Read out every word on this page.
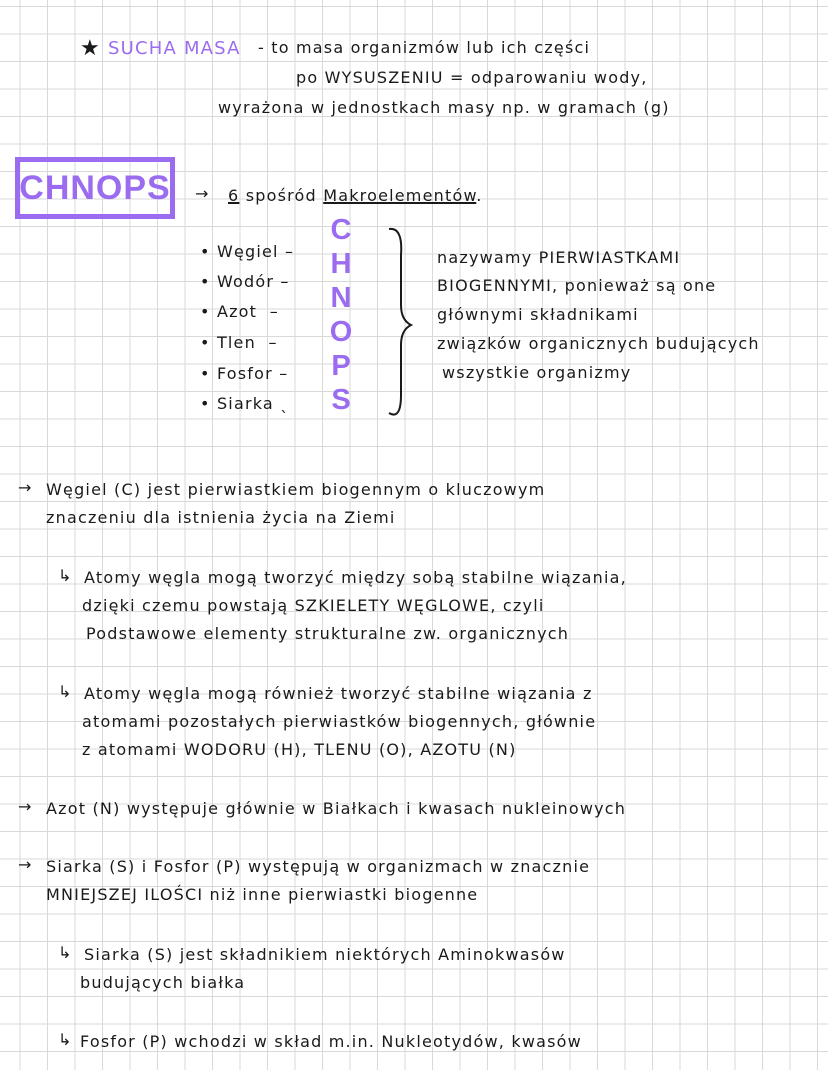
★ SUCHA MASA - to masa organizmów lub ich części
po WYSUSZENIU = odparowaniu wody,
wyrażona w jednostkach masy np. w gramach (g)
CHNOPS → 6 spośród Makroelementów.
• Węgiel –
• Wodór –
• Azot  –
• Tlen  –
• Fosfor –
• Siarka ˎ
C
H
N
O
P
S
nazywamy PIERWIASTKAMI
BIOGENNYMI, ponieważ są one
głównymi składnikami
związków organicznych budujących
wszystkie organizmy
→ Węgiel (C) jest pierwiastkiem biogennym o kluczowym
znaczeniu dla istnienia życia na Ziemi
↳ Atomy węgla mogą tworzyć między sobą stabilne wiązania,
dzięki czemu powstają SZKIELETY WĘGLOWE, czyli
Podstawowe elementy strukturalne zw. organicznych
↳ Atomy węgla mogą również tworzyć stabilne wiązania z
atomami pozostałych pierwiastków biogennych, głównie
z atomami WODORU (H), TLENU (O), AZOTU (N)
→ Azot (N) występuje głównie w Białkach i kwasach nukleinowych
→ Siarka (S) i Fosfor (P) występują w organizmach w znacznie
MNIEJSZEJ ILOŚCI niż inne pierwiastki biogenne
↳ Siarka (S) jest składnikiem niektórych Aminokwasów
budujących białka
↳ Fosfor (P) wchodzi w skład m.in. Nukleotydów, kwasów
